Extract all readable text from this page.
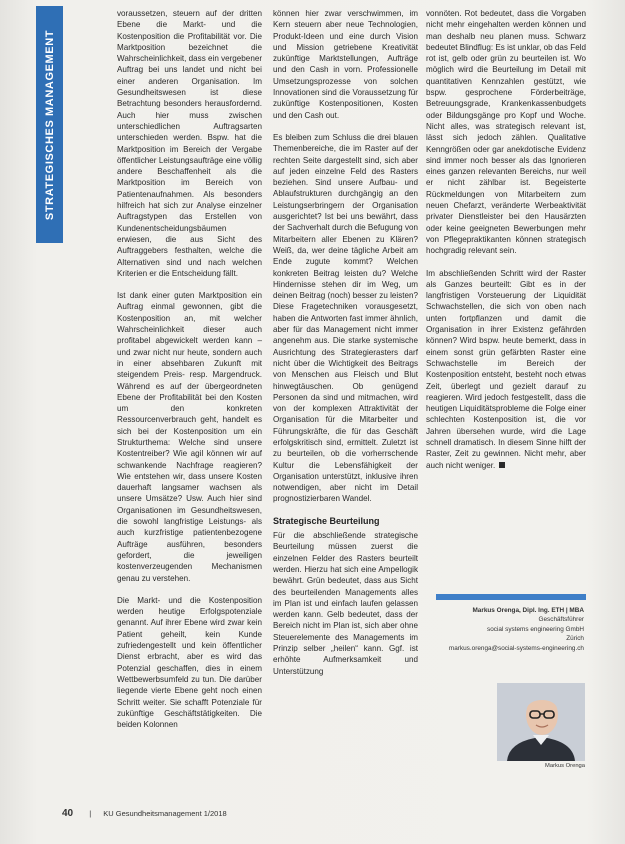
STRATEGISCHES MANAGEMENT

voraussetzen, steuern auf der dritten Ebene die Markt- und die Kostenposition die Profitabilität vor. Die Marktposition bezeichnet die Wahrscheinlichkeit, dass ein vergebener Auftrag bei uns landet und nicht bei einer anderen Organisation. Im Gesundheitswesen ist diese Betrachtung besonders herausfordernd. Auch hier muss zwischen unterschiedlichen Auftragsarten unterschieden werden. Bspw. hat die Marktposition im Bereich der Vergabe öffentlicher Leistungsaufträge eine völlig andere Beschaffenheit als die Marktposition im Bereich von Patientenaufnahmen. Als besonders hilfreich hat sich zur Analyse einzelner Auftragstypen das Erstellen von Kundenentscheidungsbäumen erwiesen, die aus Sicht des Auftraggebers festhalten, welche die Alternativen sind und nach welchen Kriterien er die Entscheidung fällt.

Ist dank einer guten Marktposition ein Auftrag einmal gewonnen, gibt die Kostenposition an, mit welcher Wahrscheinlichkeit dieser auch profitabel abgewickelt werden kann – und zwar nicht nur heute, sondern auch in einer absehbaren Zukunft mit steigendem Preis- resp. Margendruck. Während es auf der übergeordneten Ebene der Profitabilität bei den Kosten um den konkreten Ressourcenverbrauch geht, handelt es sich bei der Kostenposition um ein Strukturthema: Welche sind unsere Kostentreiber? Wie agil können wir auf schwankende Nachfrage reagieren? Wie entstehen wir, dass unsere Kosten dauerhaft langsamer wachsen als unsere Umsätze? Usw. Auch hier sind Organisationen im Gesundheitswesen, die sowohl langfristige Leistungs- als auch kurzfristige patientenbezogene Aufträge ausführen, besonders gefordert, die jeweiligen kostenverzeugenden Mechanismen genau zu verstehen.

Die Markt- und die Kostenposition werden heutige Erfolgspotenziale genannt. Auf ihrer Ebene wird zwar kein Patient geheilt, kein Kunde zufriedengestellt und kein öffentlicher Dienst erbracht, aber es wird das Potenzial geschaffen, dies in einem Wettbewerbsumfeld zu tun. Die darüber liegende vierte Ebene geht noch einen Schritt weiter. Sie schafft Potenziale für zukünftige Geschäftstätigkeiten. Die beiden Kolonnen

können hier zwar verschwimmen, im Kern steuern aber neue Technologien, Produkt-Ideen und eine durch Vision und Mission getriebene Kreativität zukünftige Marktstellungen, Aufträge und den Cash in vorn. Professionelle Umsetzungsprozesse von solchen Innovationen sind die Voraussetzung für zukünftige Kostenpositionen, Kosten und den Cash out.

Es bleiben zum Schluss die drei blauen Themenbereiche, die im Raster auf der rechten Seite dargestellt sind, sich aber auf jeden einzelne Feld des Rasters beziehen. Sind unsere Aufbau- und Ablaufstrukturen durchgängig an den Leistungserbringern der Organisation ausgerichtet? Ist bei uns bewährt, dass der Sachverhalt durch die Befugung von Mitarbeitern aller Ebenen zu Klären? Weiß, da, wer deine tägliche Arbeit am Ende zugute kommt? Welchen konkreten Beitrag leisten du? Welche Hindernisse stehen dir im Weg, um deinen Beitrag (noch) besser zu leisten? Diese Fragetechniken vorausgesetzt, haben die Antworten fast immer ähnlich, aber für das Management nicht immer angenehm aus. Die starke systemische Ausrichtung des Strategierasters darf nicht über die Wichtigkeit des Beitrags von Menschen aus Fleisch und Blut hinwegtäuschen. Ob genügend Personen da sind und mitmachen, wird von der komplexen Attraktivität der Organisation für die Mitarbeiter und Führungskräfte, die für das Geschäft erfolgskritisch sind, ermittelt. Zuletzt ist zu beurteilen, ob die vorherrschende Kultur die Lebensfähigkeit der Organisation unterstützt, inklusive ihren notwendigen, aber nicht im Detail prognostizierbaren Wandel.

Strategische Beurteilung

Für die abschließende strategische Beurteilung müssen zuerst die einzelnen Felder des Rasters beurteilt werden. Hierzu hat sich eine Ampellogik bewährt. Grün bedeutet, dass aus Sicht des beurteilenden Managements alles im Plan ist und einfach laufen gelassen werden kann. Gelb bedeutet, dass der Bereich nicht im Plan ist, sich aber ohne Steuerelemente des Managements im Prinzip selber „heilen“ kann. Ggf. ist erhöhte Aufmerksamkeit und Unterstützung

vonnöten. Rot bedeutet, dass die Vorgaben nicht mehr eingehalten werden können und man deshalb neu planen muss. Schwarz bedeutet Blindflug: Es ist unklar, ob das Feld rot ist, gelb oder grün zu beurteilen ist. Wo möglich wird die Beurteilung im Detail mit quantitativen Kennzahlen gestützt, wie bspw. gesprochene Förderbeiträge, Betreuungsgrade, Krankenkassenbudgets oder Bildungsgänge pro Kopf und Woche. Nicht alles, was strategisch relevant ist, lässt sich jedoch zählen. Qualitative Kenngrößen oder gar anekdotische Evidenz sind immer noch besser als das Ignorieren eines ganzen relevanten Bereichs, nur weil er nicht zählbar ist. Begeisterte Rückmeldungen von Mitarbeitern zum neuen Chefarzt, veränderte Werbeaktivität privater Dienstleister bei den Hausärzten oder keine geeigneten Bewerbungen mehr von Pflegepraktikanten können strategisch hochgradig relevant sein.

Im abschließenden Schritt wird der Raster als Ganzes beurteilt: Gibt es in der langfristigen Vorsteuerung der Liquidität Schwachstellen, die sich von oben nach unten fortpflanzen und damit die Organisation in ihrer Existenz gefährden können? Wird bspw. heute bemerkt, dass in einem sonst grün gefärbten Raster eine Schwachstelle im Bereich der Kostenposition entsteht, besteht noch etwas Zeit, überlegt und gezielt darauf zu reagieren. Wird jedoch festgestellt, dass die heutigen Liquiditätsprobleme die Folge einer schlechten Kostenposition ist, die vor Jahren übersehen wurde, wird die Lage schnell dramatisch. In diesem Sinne hilft der Raster, Zeit zu gewinnen. Nicht mehr, aber auch nicht weniger.

Markus Orenga, Dipl. Ing. ETH | MBA
Geschäftsführer
social systems engineering GmbH
Zürich
markus.orenga@social-systems-engineering.ch
Markus Orenga
40 | KU Gesundheitsmanagement 1/2018
